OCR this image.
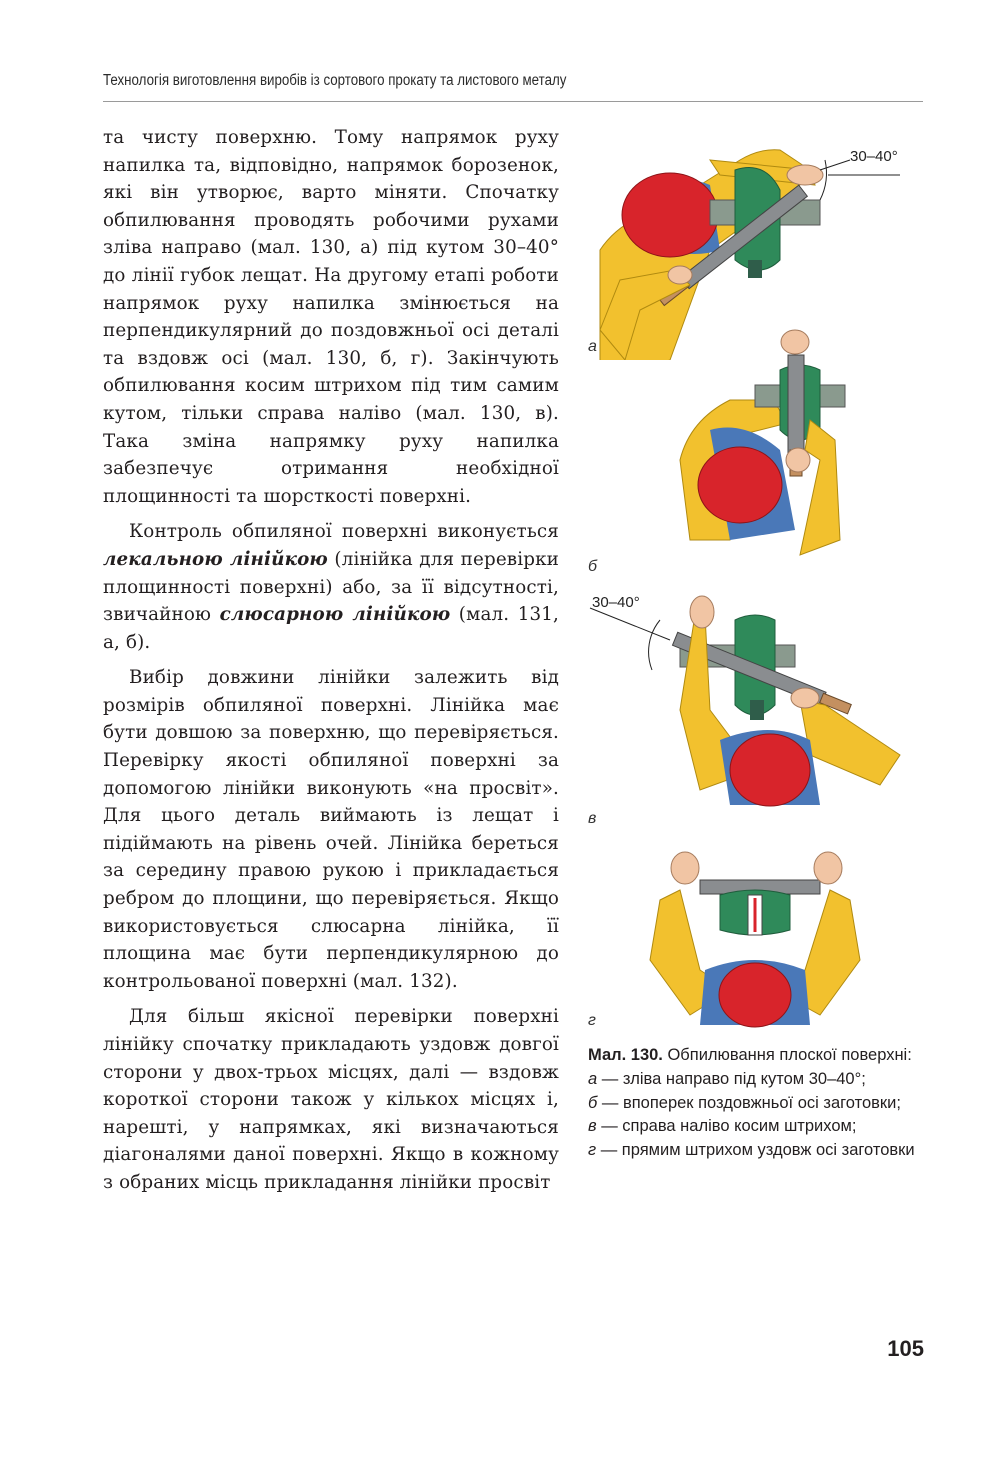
Технологія виготовлення виробів із сортового прокату та листового металу

та чисту поверхню. Тому напрямок руху напилка та, відповідно, напрямок борозенок, які він утворює, варто міняти. Спочатку обпилювання проводять робочими рухами зліва направо (мал. 130, а) під кутом 30–40° до лінії губок лещат. На другому етапі роботи напрямок руху напилка змінюється на перпендикулярний до поздовжньої осі деталі та вздовж осі (мал. 130, б, г). Закінчують обпилювання косим штрихом під тим самим кутом, тільки справа наліво (мал. 130, в). Така зміна напрямку руху напилка забезпечує отримання необхідної площинності та шорсткості поверхні.

Контроль обпиляної поверхні виконується лекальною лінійкою (лінійка для перевірки площинності поверхні) або, за її відсутності, звичайною слюсарною лінійкою (мал. 131, а, б).

Вибір довжини лінійки залежить від розмірів обпиляної поверхні. Лінійка має бути довшою за поверхню, що перевіряється. Перевірку якості обпиляної поверхні за допомогою лінійки виконують «на просвіт». Для цього деталь виймають із лещат і підіймають на рівень очей. Лінійка береться за середину правою рукою і прикладається ребром до площини, що перевіряється. Якщо використовується слюсарна лінійка, її площина має бути перпендикулярною до контрольованої поверхні (мал. 132).

Для більш якісної перевірки поверхні лінійку спочатку прикладають уздовж довгої сторони у двох-трьох місцях, далі — вздовж короткої сторони також у кількох місцях і, нарешті, у напрямках, які визначаються діагоналями даної поверхні. Якщо в кожному з обраних місць прикладання лінійки просвіт

30–40°
а
б
30–40°
в
г
Мал. 130. Обпилювання плоскої поверхні:
а — зліва направо під кутом 30–40°;
б — впоперек поздовжньої осі заготовки;
в — справа наліво косим штрихом;
г — прямим штрихом уздовж осі заготовки
105
